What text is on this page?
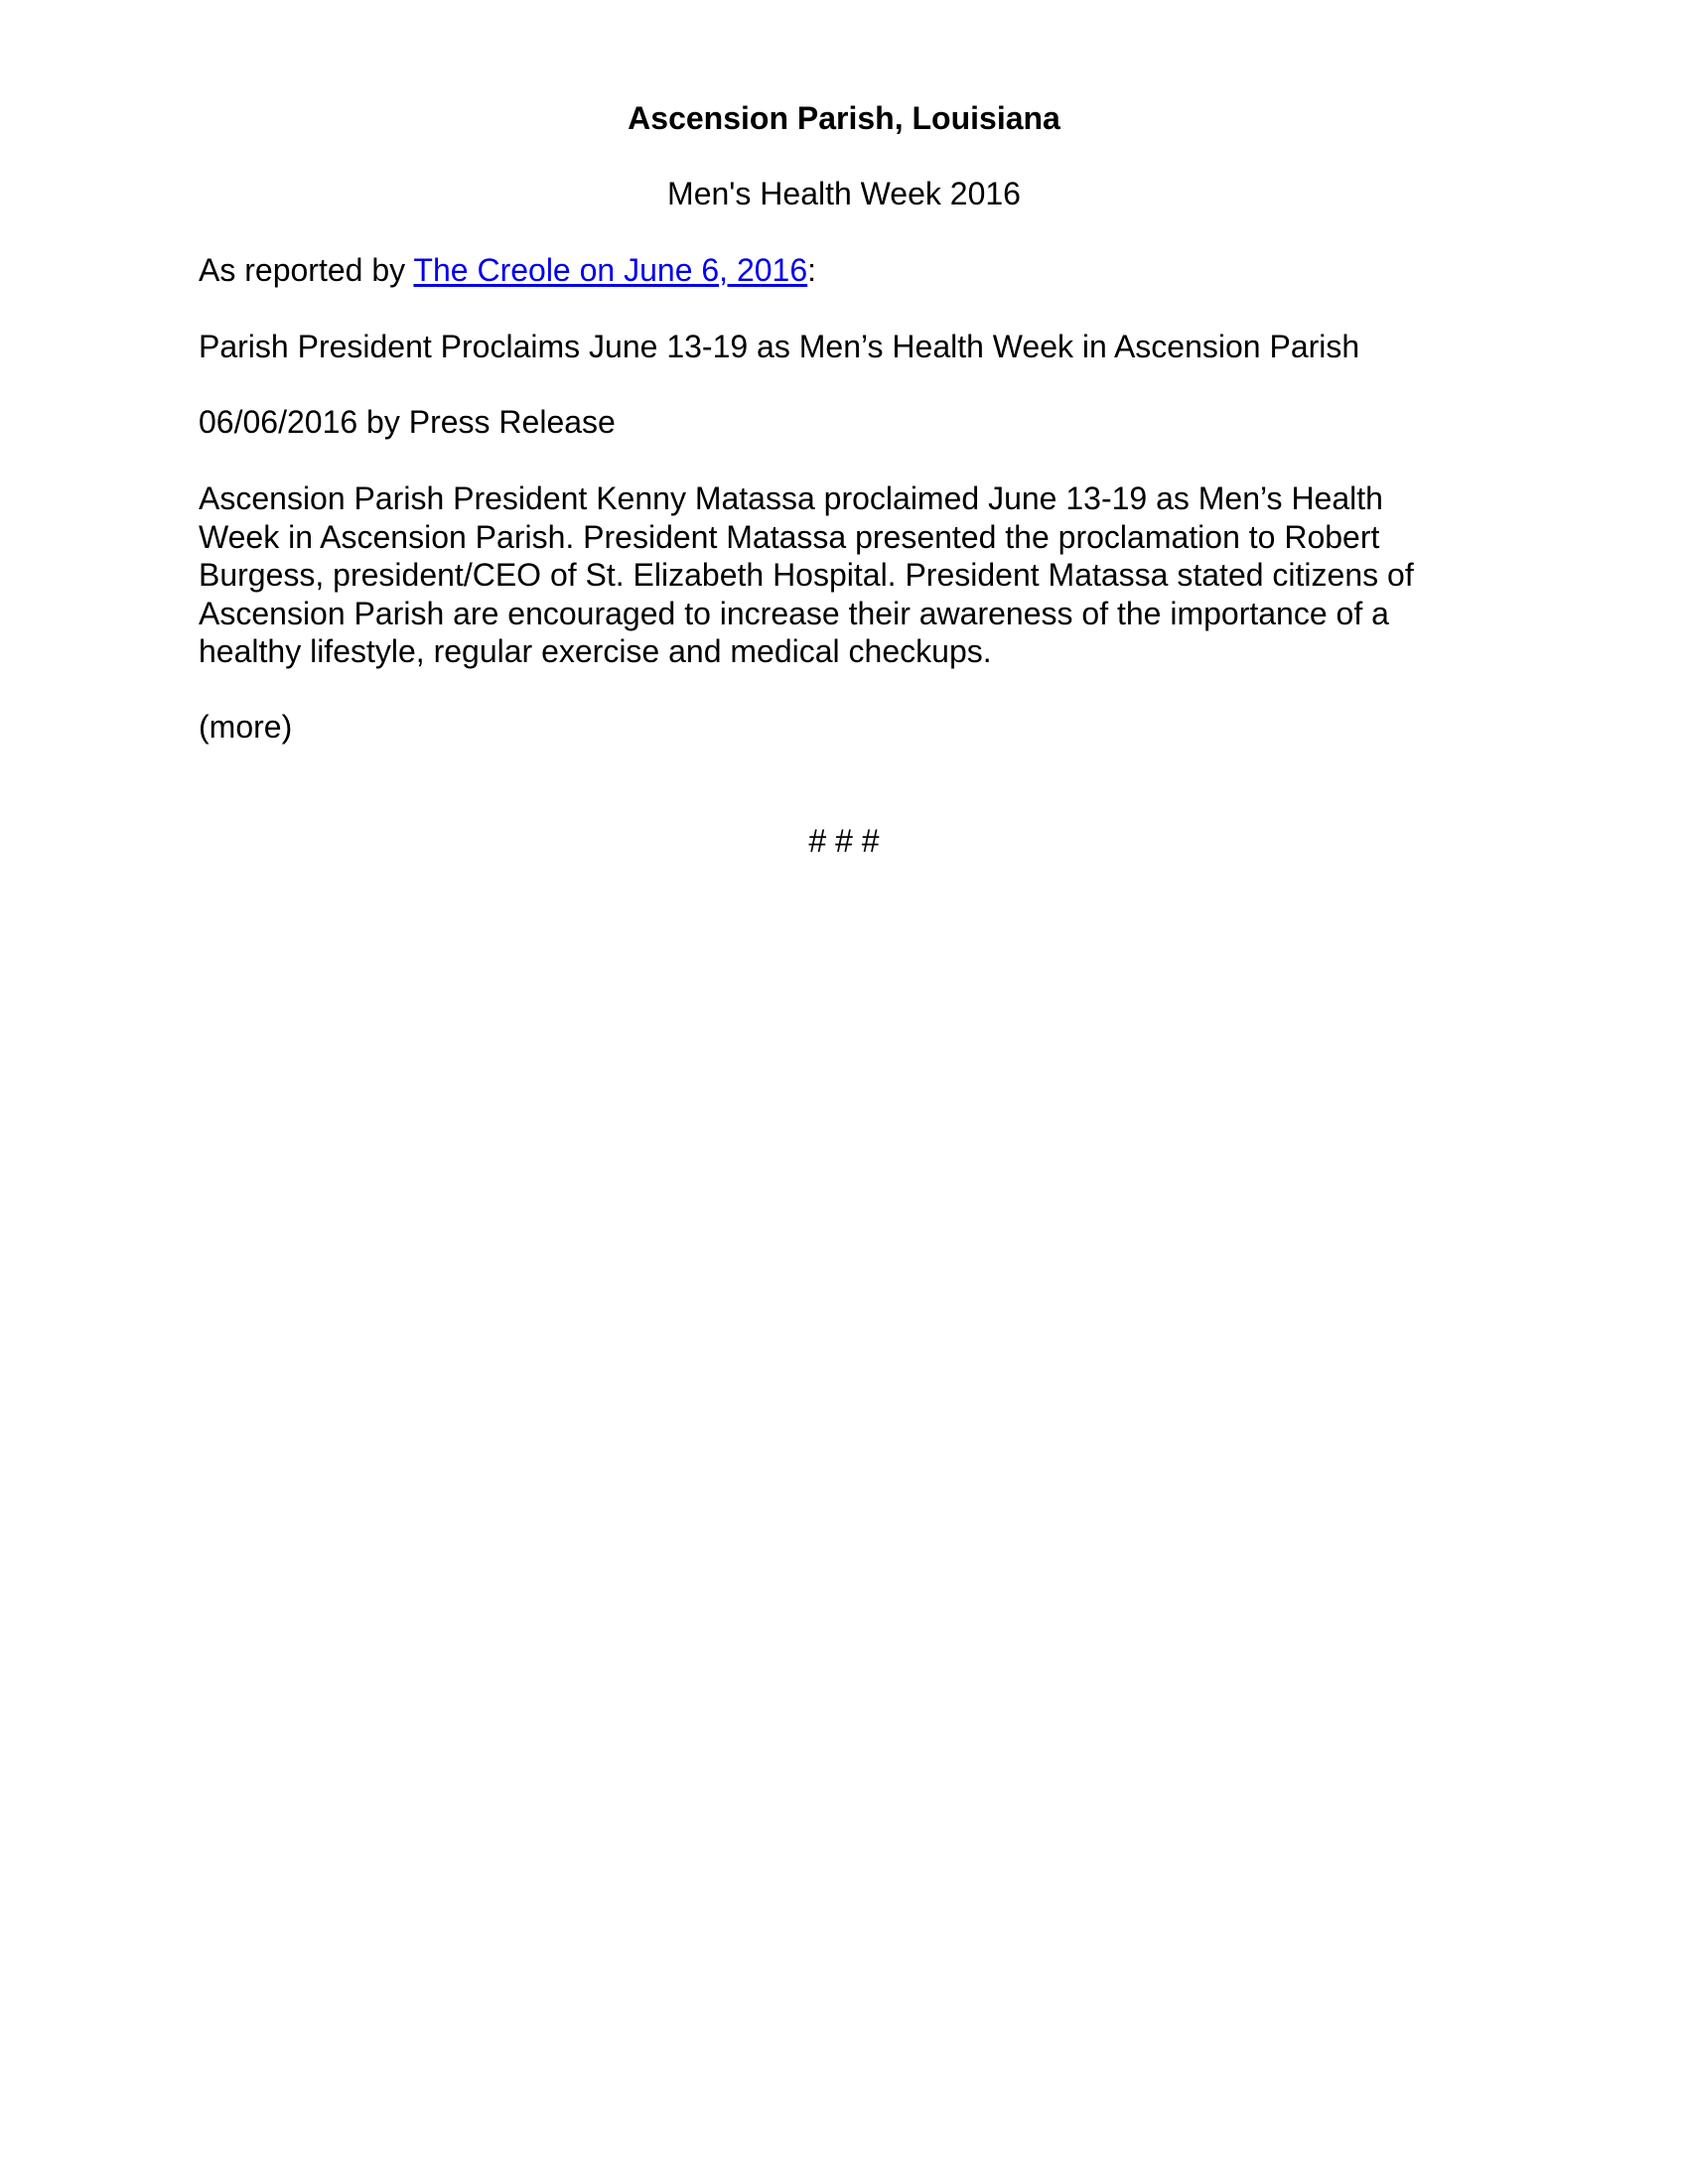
Ascension Parish, Louisiana
Men's Health Week 2016
As reported by The Creole on June 6, 2016:
Parish President Proclaims June 13-19 as Men’s Health Week in Ascension Parish
06/06/2016 by Press Release
Ascension Parish President Kenny Matassa proclaimed June 13-19 as Men’s Health
Week in Ascension Parish. President Matassa presented the proclamation to Robert
Burgess, president/CEO of St. Elizabeth Hospital. President Matassa stated citizens of
Ascension Parish are encouraged to increase their awareness of the importance of a
healthy lifestyle, regular exercise and medical checkups.
(more)
# # #
